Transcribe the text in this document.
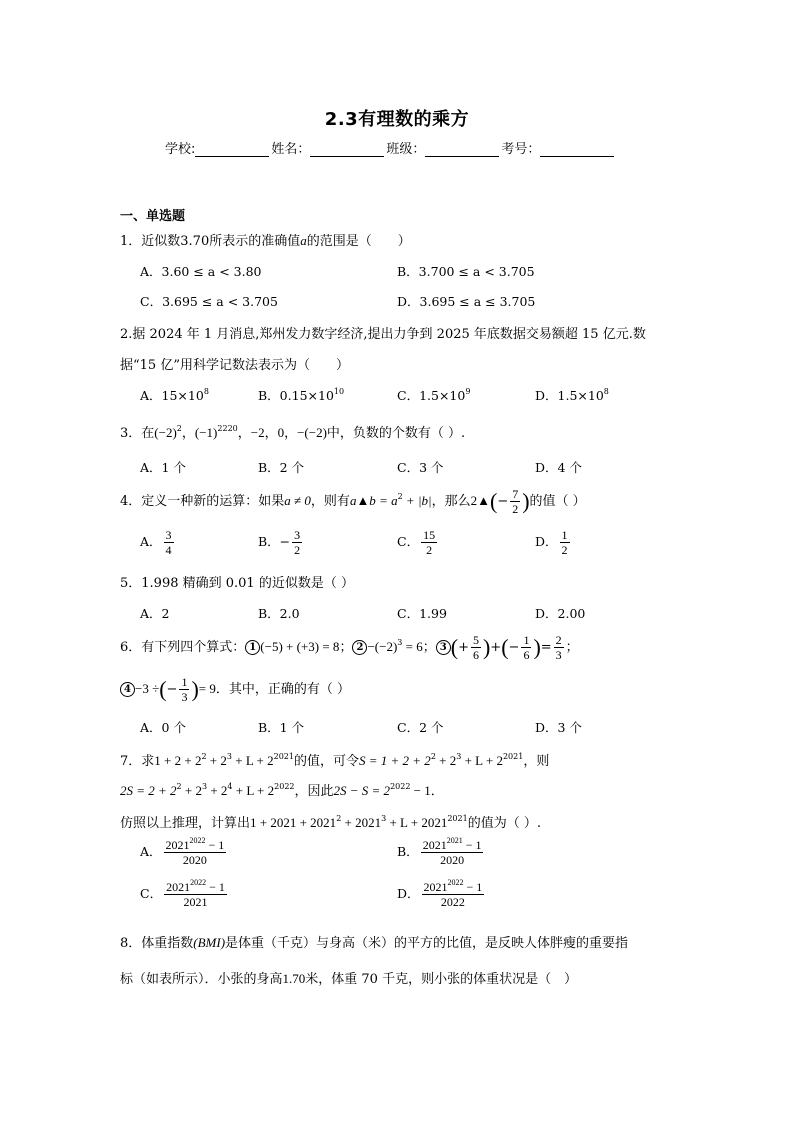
2.3有理数的乘方
学校:	姓名：	班级：	考号：
一、单选题
1．近似数3.70所表示的准确值a的范围是（　　）
A．3.60 ≤ a < 3.80	B．3.700 ≤ a < 3.705
C．3.695 ≤ a < 3.705	D．3.695 ≤ a ≤ 3.705
2.据 2024 年 1 月消息,郑州发力数字经济,提出力争到 2025 年底数据交易额超 15 亿元.数
据“15 亿”用科学记数法表示为（　　）
A．$15\times 10^8$	B．$0.15\times 10^{10}$	C．$1.5\times 10^9$	D．$1.5\times 10^8$
3．在$(-2)^2$，$(-1)^{2220}$，−2，0，−(−2)中，负数的个数有（ ）.
A．1 个	B．2 个	C．3 个	D．4 个
4．定义一种新的运算：如果a ≠ 0，则有a▲b = $a^2 + |b|$，那么2▲(− $\frac{7}{2}$ )的值（ ）
A． $\frac{3}{4}$	B．− $\frac{3}{2}$	C． $\frac{15}{2}$	D． $\frac{1}{2}$
5．1.998 精确到 0.01 的近似数是（ ）
A．2	B．2.0	C．1.99	D．2.00
6．有下列四个算式： 1 (−5) + (+3) = 8； $2 -(-2)^3 = 6$； 3 (+ $\frac{5}{6}$ )+(− $\frac{1}{6}$ )= $\frac{2}{3}$ ；
4 −3 ÷(− $\frac{1}{3}$ )= 9．其中，正确的有（ ）
A．0 个	B．1 个	C．2 个	D．3 个
7．求$1 + 2 + 2^2 + 2^3 + L + 2^{2021}$的值，可令$S = 1 + 2 + 2^2 + 2^3 + L + 2^{2021}$，则
$2S = 2 + 2^2 + 2^3 + 2^4 + L + 2^{2022}$，因此$2S - S = 2^{2022} - 1$．
仿照以上推理，计算出$1 + 2021 + 2021^2 + 2021^3 + L + 2021^{2021}$的值为（ ）.
A． $\frac{2021^{2022} - 1}{2020}$	B． $\frac{2021^{2021} - 1}{2020}$
C． $\frac{2021^{2022} - 1}{2021}$	D． $\frac{2021^{2022} - 1}{2022}$
8．体重指数(BMI)是体重（千克）与身高（米）的平方的比值，是反映人体胖瘦的重要指
标（如表所示）．小张的身高1.70米，体重 70 千克，则小张的体重状况是（　）
